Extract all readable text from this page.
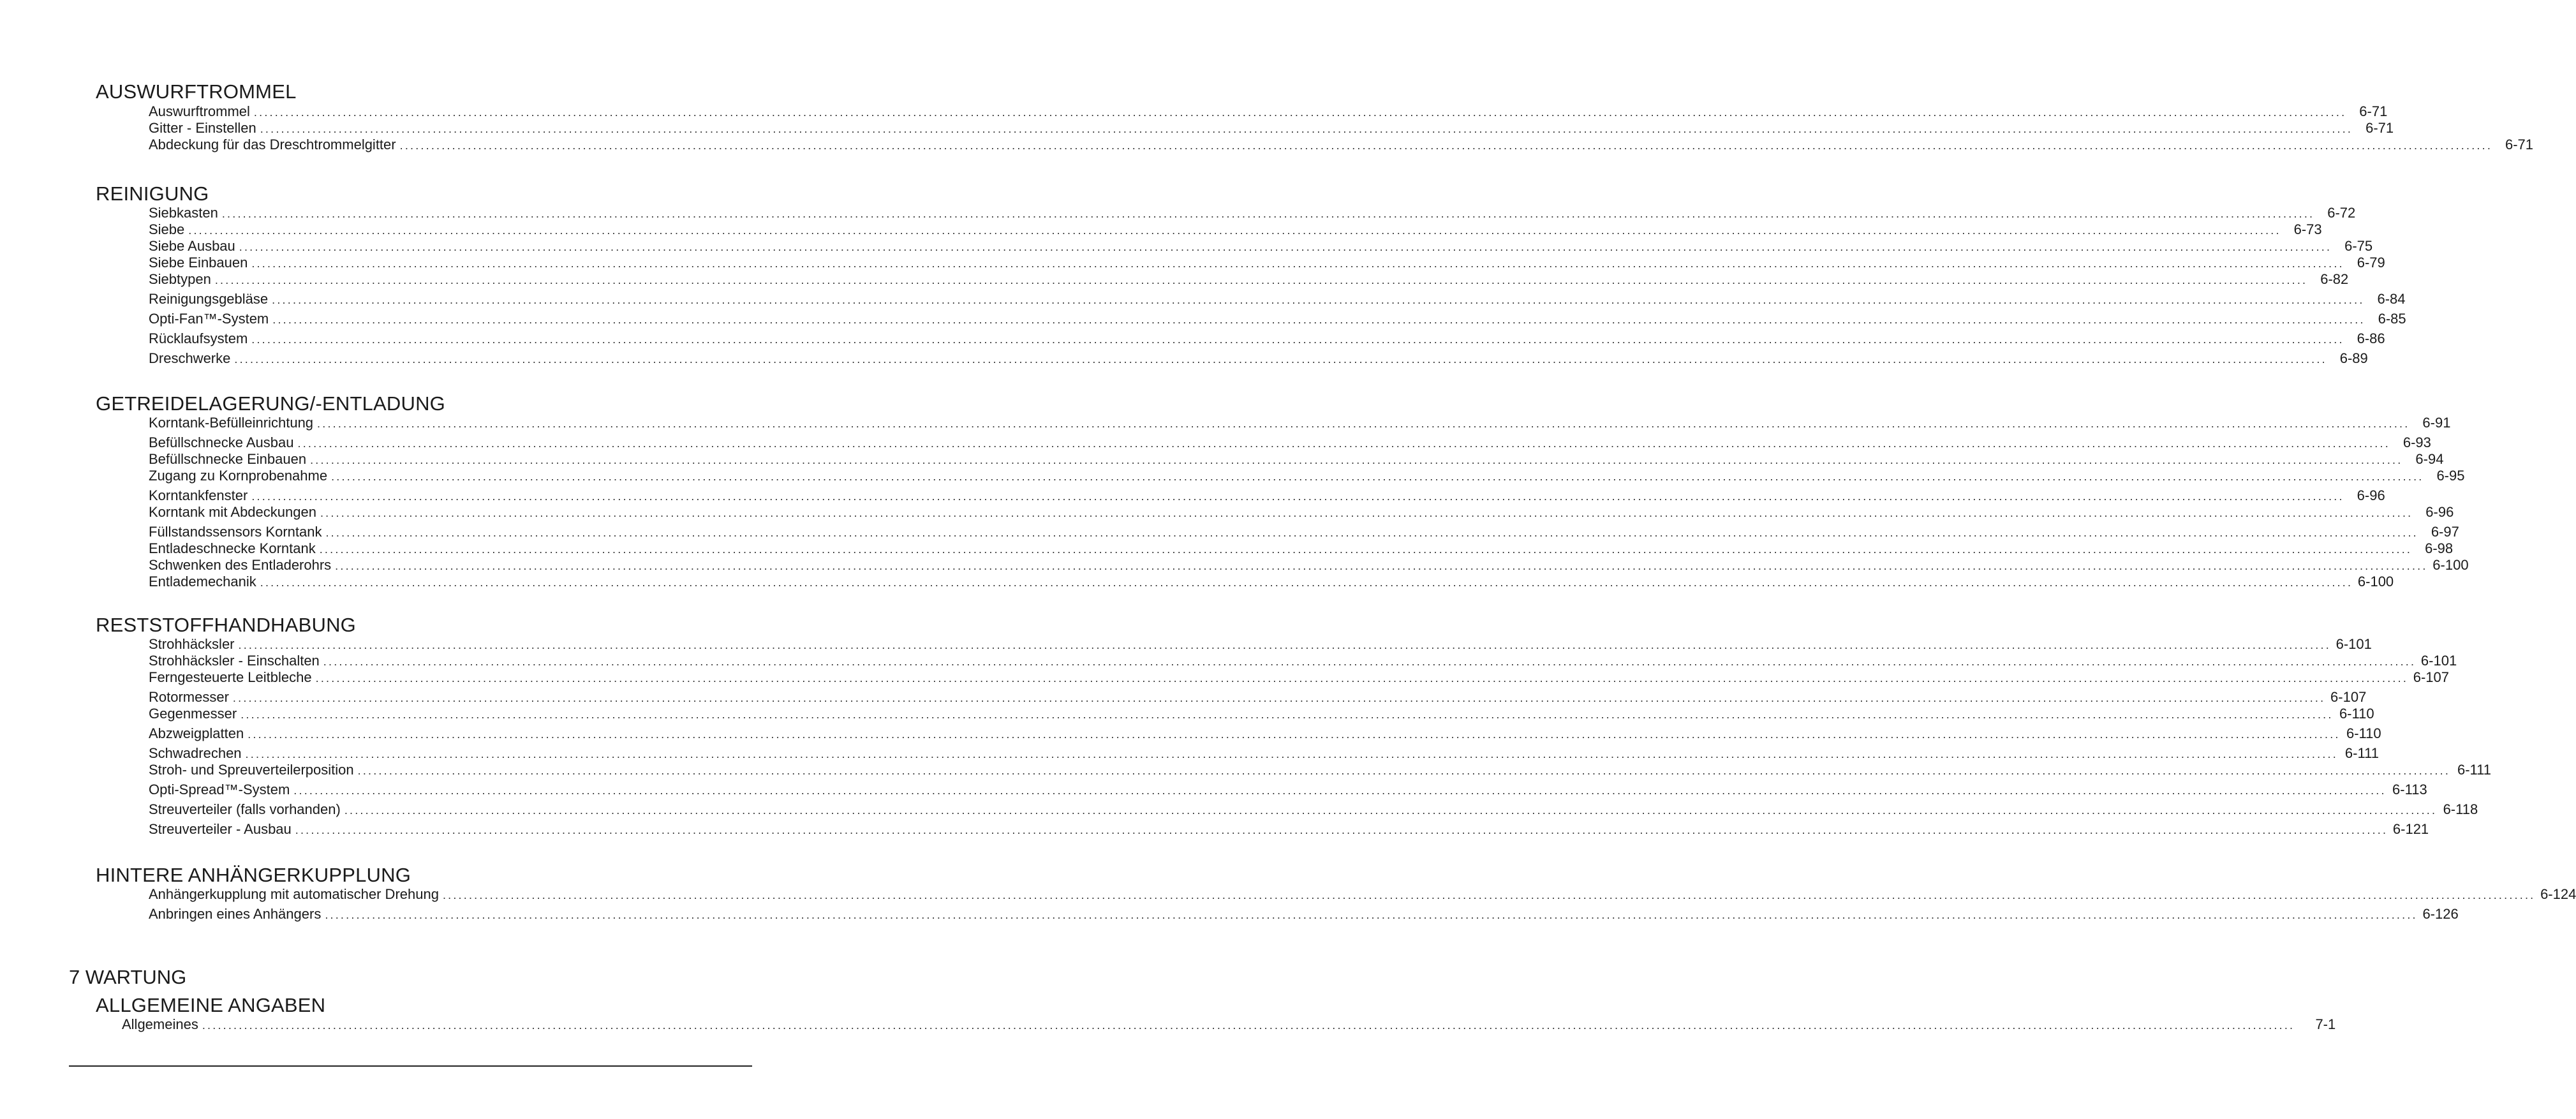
AUSWURFTROMMEL
Auswurftrommel ................................................................................................................................................................................................................................................................................................................................................................................................................ 6-71
Gitter - Einstellen ................................................................................................................................................................................................................................................................................................................................................................................................................ 6-71
Abdeckung für das Dreschtrommelgitter ................................................................................................................................................................................................................................................................................................................................................................................................................ 6-71
REINIGUNG
Siebkasten ................................................................................................................................................................................................................................................................................................................................................................................................................ 6-72
Siebe ................................................................................................................................................................................................................................................................................................................................................................................................................ 6-73
Siebe Ausbau ................................................................................................................................................................................................................................................................................................................................................................................................................ 6-75
Siebe Einbauen ................................................................................................................................................................................................................................................................................................................................................................................................................ 6-79
Siebtypen ................................................................................................................................................................................................................................................................................................................................................................................................................ 6-82
Reinigungsgebläse ................................................................................................................................................................................................................................................................................................................................................................................................................ 6-84
Opti-Fan™-System ................................................................................................................................................................................................................................................................................................................................................................................................................ 6-85
Rücklaufsystem ................................................................................................................................................................................................................................................................................................................................................................................................................ 6-86
Dreschwerke ................................................................................................................................................................................................................................................................................................................................................................................................................ 6-89
GETREIDELAGERUNG/-ENTLADUNG
Korntank-Befülleinrichtung ................................................................................................................................................................................................................................................................................................................................................................................................................ 6-91
Befüllschnecke Ausbau ................................................................................................................................................................................................................................................................................................................................................................................................................ 6-93
Befüllschnecke Einbauen ................................................................................................................................................................................................................................................................................................................................................................................................................ 6-94
Zugang zu Kornprobenahme ................................................................................................................................................................................................................................................................................................................................................................................................................ 6-95
Korntankfenster ................................................................................................................................................................................................................................................................................................................................................................................................................ 6-96
Korntank mit Abdeckungen ................................................................................................................................................................................................................................................................................................................................................................................................................ 6-96
Füllstandssensors Korntank ................................................................................................................................................................................................................................................................................................................................................................................................................ 6-97
Entladeschnecke Korntank ................................................................................................................................................................................................................................................................................................................................................................................................................ 6-98
Schwenken des Entladerohrs ................................................................................................................................................................................................................................................................................................................................................................................................................ 6-100
Entlademechanik ................................................................................................................................................................................................................................................................................................................................................................................................................ 6-100
RESTSTOFFHANDHABUNG
Strohhäcksler ................................................................................................................................................................................................................................................................................................................................................................................................................ 6-101
Strohhäcksler - Einschalten ................................................................................................................................................................................................................................................................................................................................................................................................................ 6-101
Ferngesteuerte Leitbleche ................................................................................................................................................................................................................................................................................................................................................................................................................ 6-107
Rotormesser ................................................................................................................................................................................................................................................................................................................................................................................................................ 6-107
Gegenmesser ................................................................................................................................................................................................................................................................................................................................................................................................................ 6-110
Abzweigplatten ................................................................................................................................................................................................................................................................................................................................................................................................................ 6-110
Schwadrechen ................................................................................................................................................................................................................................................................................................................................................................................................................ 6-111
Stroh- und Spreuverteilerposition ................................................................................................................................................................................................................................................................................................................................................................................................................ 6-111
Opti-Spread™-System ................................................................................................................................................................................................................................................................................................................................................................................................................ 6-113
Streuverteiler (falls vorhanden) ................................................................................................................................................................................................................................................................................................................................................................................................................ 6-118
Streuverteiler - Ausbau ................................................................................................................................................................................................................................................................................................................................................................................................................ 6-121
HINTERE ANHÄNGERKUPPLUNG
Anhängerkupplung mit automatischer Drehung ................................................................................................................................................................................................................................................................................................................................................................................................................ 6-124
Anbringen eines Anhängers ................................................................................................................................................................................................................................................................................................................................................................................................................ 6-126
7 WARTUNG
ALLGEMEINE ANGABEN
Allgemeines ................................................................................................................................................................................................................................................................................................................................................................................................................	7-1
